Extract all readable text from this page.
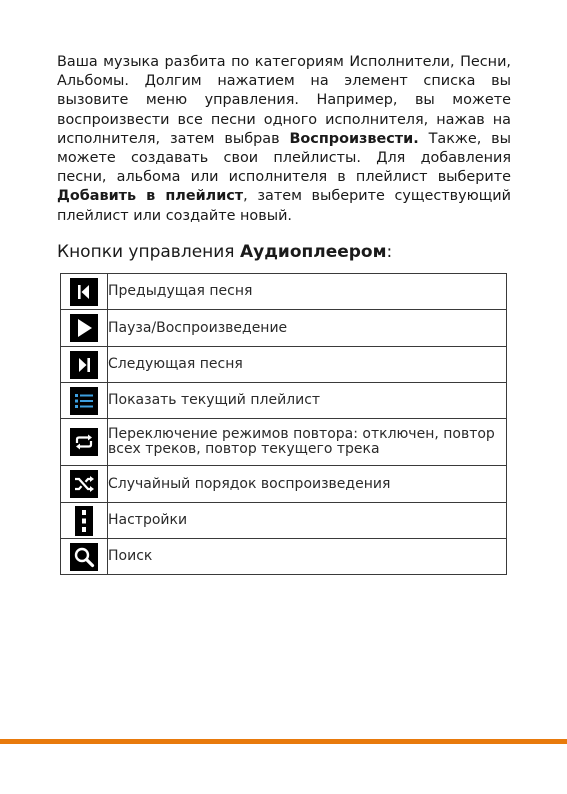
Ваша музыка разбита по категориям Исполнители, Песни, Альбомы. Долгим нажатием на элемент списка вы вызовите меню управления. Например, вы можете воспроизвести все песни одного исполнителя, нажав на исполнителя, затем выбрав Воспроизвести. Также, вы можете создавать свои плейлисты. Для добавления песни, альбома или исполнителя в плейлист выберите Добавить в плейлист, затем выберите существующий плейлист или создайте новый.

Кнопки управления Аудиоплеером:

	Предыдущая песня

	Пауза/Воспроизведение

	Следующая песня

	Показать текущий плейлист

	Переключение режимов повтора: отключен, повтор всех треков, повтор текущего трека

	Случайный порядок воспроизведения

	Настройки

	Поиск
